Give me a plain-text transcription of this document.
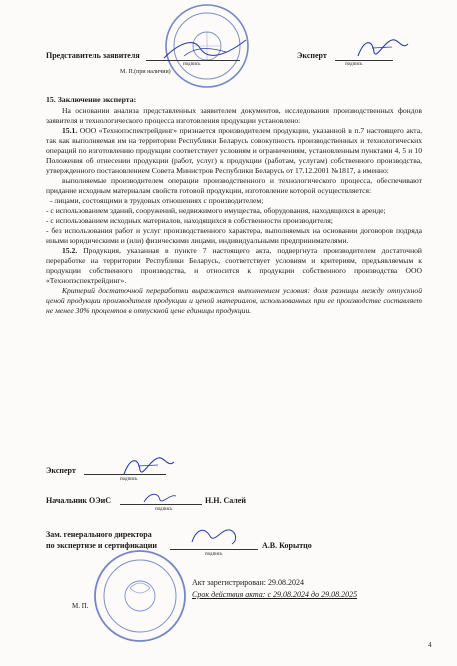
Представитель заявителя
подпись
М. П.(при наличии)
Эксперт
подпись
15. Заключение эксперта:

На основании анализа представленных заявителем документов, исследования производственных фондов заявителя и технологического процесса изготовления продукции установлено:

15.1. ООО «Технопэспектрейдинг» признается производителем продукции, указанной в п.7 настоящего акта, так как выполняемая им на территории Республики Беларусь совокупность производственных и технологических операций по изготовлению продукции соответствует условиям и ограничениям, установленным пунктами 4, 5 и 10 Положения об отнесении продукции (работ, услуг) к продукции (работам, услугам) собственного производства, утвержденного постановлением Совета Министров Республики Беларусь от 17.12.2001 №1817, а именно:

выполняемые производителем операции производственного и технологического процесса, обеспечивают придание исходным материалам свойств готовой продукции, изготовление которой осуществляется:

- лицами, состоящими в трудовых отношениях с производителем;

- с использованием зданий, сооружений, недвижимого имущества, оборудования, находящихся в аренде;

- с использованием исходных материалов, находящихся в собственности производителя;

- без использования работ и услуг производственного характера, выполняемых на основании договоров подряда иными юридическими и (или) физическими лицами, индивидуальными предпринимателями.

15.2. Продукция, указанная в пункте 7 настоящего акта, подвергнута производителем достаточной переработке на территории Республики Беларусь, соответствует условиям и критериям, предъявляемым к продукции собственного производства, и относится к продукции собственного производства ООО «Технопэспектрейдинг».

Критерий достаточной переработки выражается выполнением условия: доля разницы между отпускной ценой продукции производителя продукции и ценой материалов, использованных при ее производстве составляет не менее 30% процентов в отпускной цене единицы продукции.

Эксперт
подпись
Начальник ОЭиС
подпись
Н.Н. Салей
Зам. генерального директора
по экспертизе и сертификации
подпись
А.В. Корытцо
М. П.
Акт зарегистрирован: 29.08.2024
Срок действия акта: с 29.08.2024 до 29.08.2025
4
